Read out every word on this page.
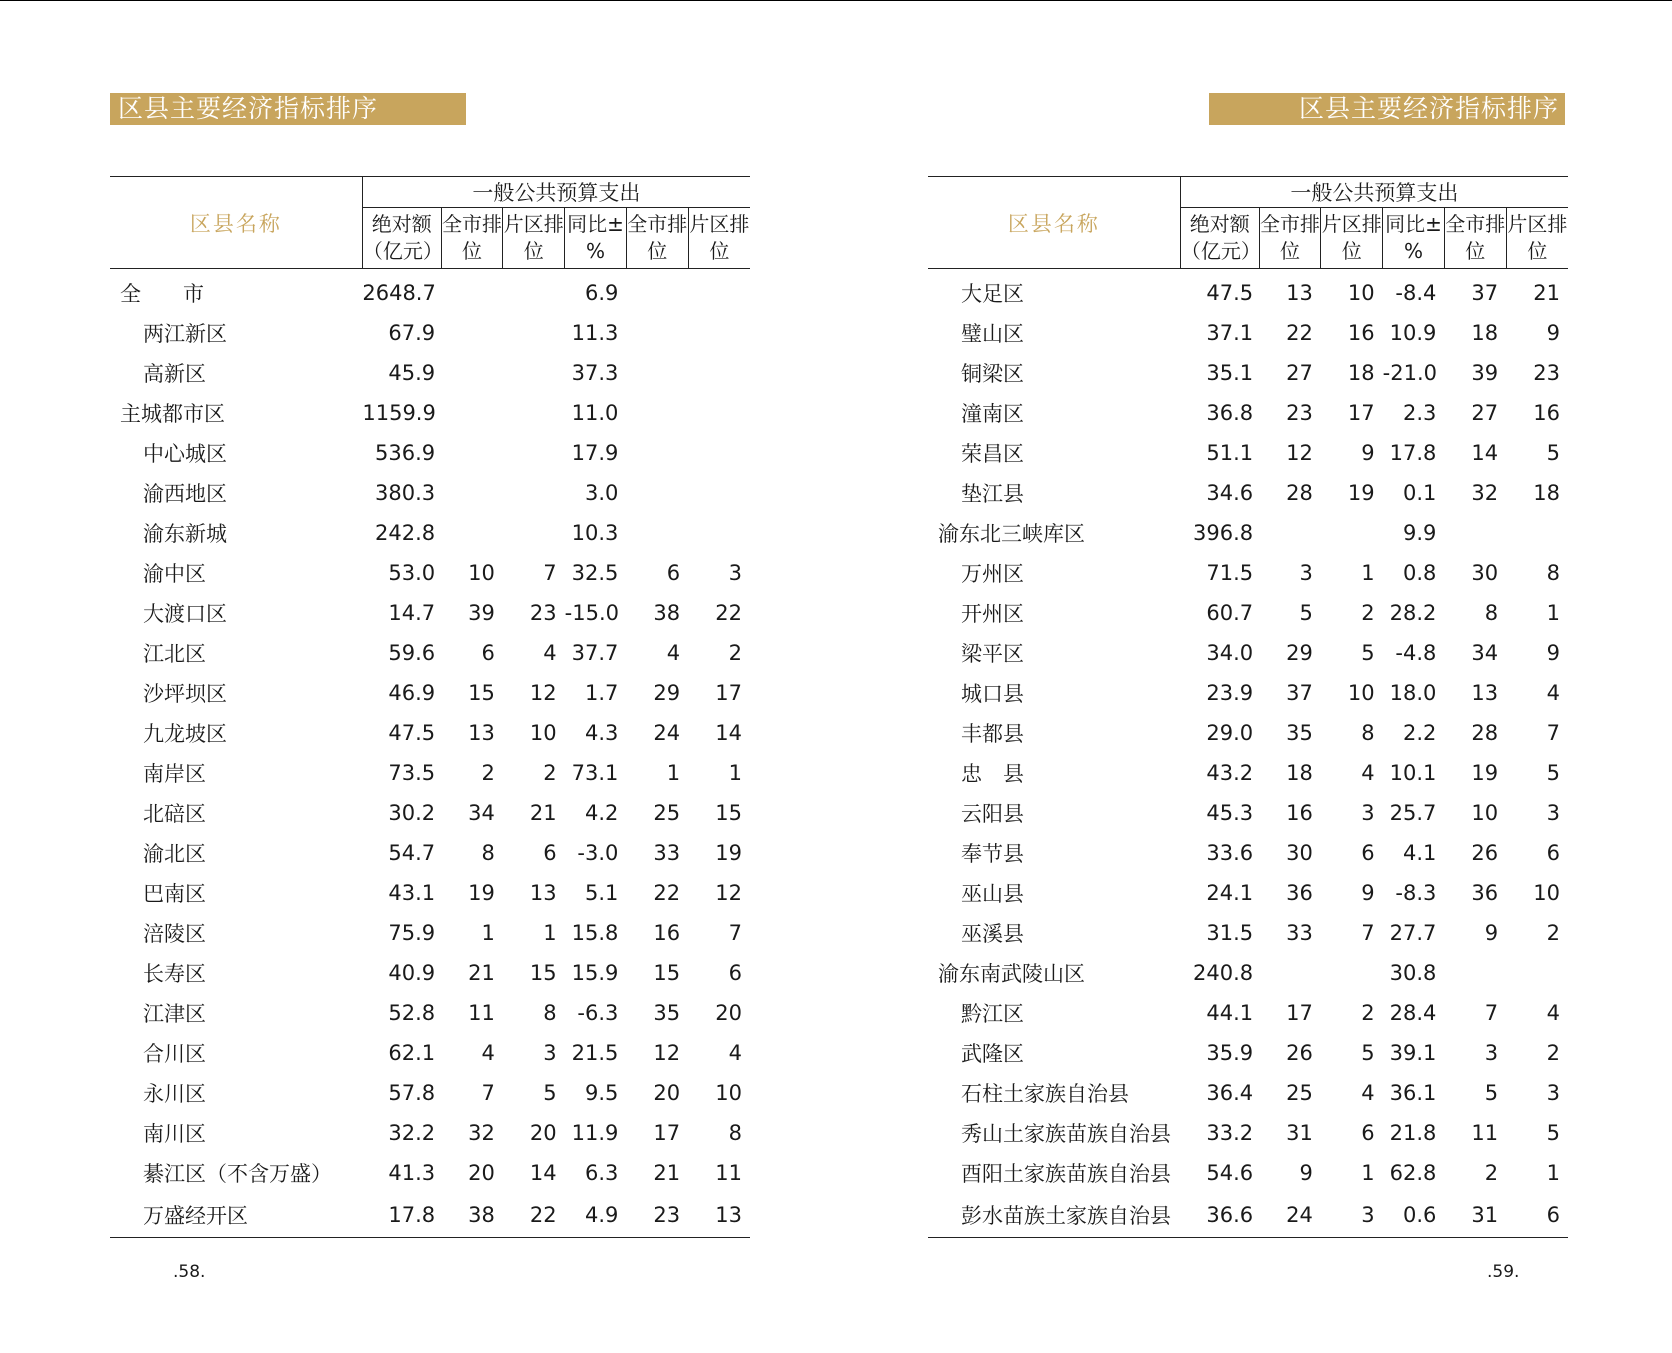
区县主要经济指标排序
区县名称	一般公共预算支出					
	绝对额（亿元）	全市排位	片区排位	同比±%	全市排位	片区排位
全　　市	2648.7			6.9		
两江新区	67.9			11.3		
高新区	45.9			37.3		
主城都市区	1159.9			11.0		
中心城区	536.9			17.9		
渝西地区	380.3			3.0		
渝东新城	242.8			10.3		
渝中区	53.0	10	7	32.5	6	3
大渡口区	14.7	39	23	-15.0	38	22
江北区	59.6	6	4	37.7	4	2
沙坪坝区	46.9	15	12	1.7	29	17
九龙坡区	47.5	13	10	4.3	24	14
南岸区	73.5	2	2	73.1	1	1
北碚区	30.2	34	21	4.2	25	15
渝北区	54.7	8	6	-3.0	33	19
巴南区	43.1	19	13	5.1	22	12
涪陵区	75.9	1	1	15.8	16	7
长寿区	40.9	21	15	15.9	15	6
江津区	52.8	11	8	-6.3	35	20
合川区	62.1	4	3	21.5	12	4
永川区	57.8	7	5	9.5	20	10
南川区	32.2	32	20	11.9	17	8
綦江区（不含万盛）	41.3	20	14	6.3	21	11
万盛经开区	17.8	38	22	4.9	23	13
.58.
区县主要经济指标排序
区县名称	一般公共预算支出					
	绝对额（亿元）	全市排位	片区排位	同比±%	全市排位	片区排位
大足区	47.5	13	10	-8.4	37	21
璧山区	37.1	22	16	10.9	18	9
铜梁区	35.1	27	18	-21.0	39	23
潼南区	36.8	23	17	2.3	27	16
荣昌区	51.1	12	9	17.8	14	5
垫江县	34.6	28	19	0.1	32	18
渝东北三峡库区	396.8			9.9		
万州区	71.5	3	1	0.8	30	8
开州区	60.7	5	2	28.2	8	1
梁平区	34.0	29	5	-4.8	34	9
城口县	23.9	37	10	18.0	13	4
丰都县	29.0	35	8	2.2	28	7
忠　县	43.2	18	4	10.1	19	5
云阳县	45.3	16	3	25.7	10	3
奉节县	33.6	30	6	4.1	26	6
巫山县	24.1	36	9	-8.3	36	10
巫溪县	31.5	33	7	27.7	9	2
渝东南武陵山区	240.8			30.8		
黔江区	44.1	17	2	28.4	7	4
武隆区	35.9	26	5	39.1	3	2
石柱土家族自治县	36.4	25	4	36.1	5	3
秀山土家族苗族自治县	33.2	31	6	21.8	11	5
酉阳土家族苗族自治县	54.6	9	1	62.8	2	1
彭水苗族土家族自治县	36.6	24	3	0.6	31	6
.59.
